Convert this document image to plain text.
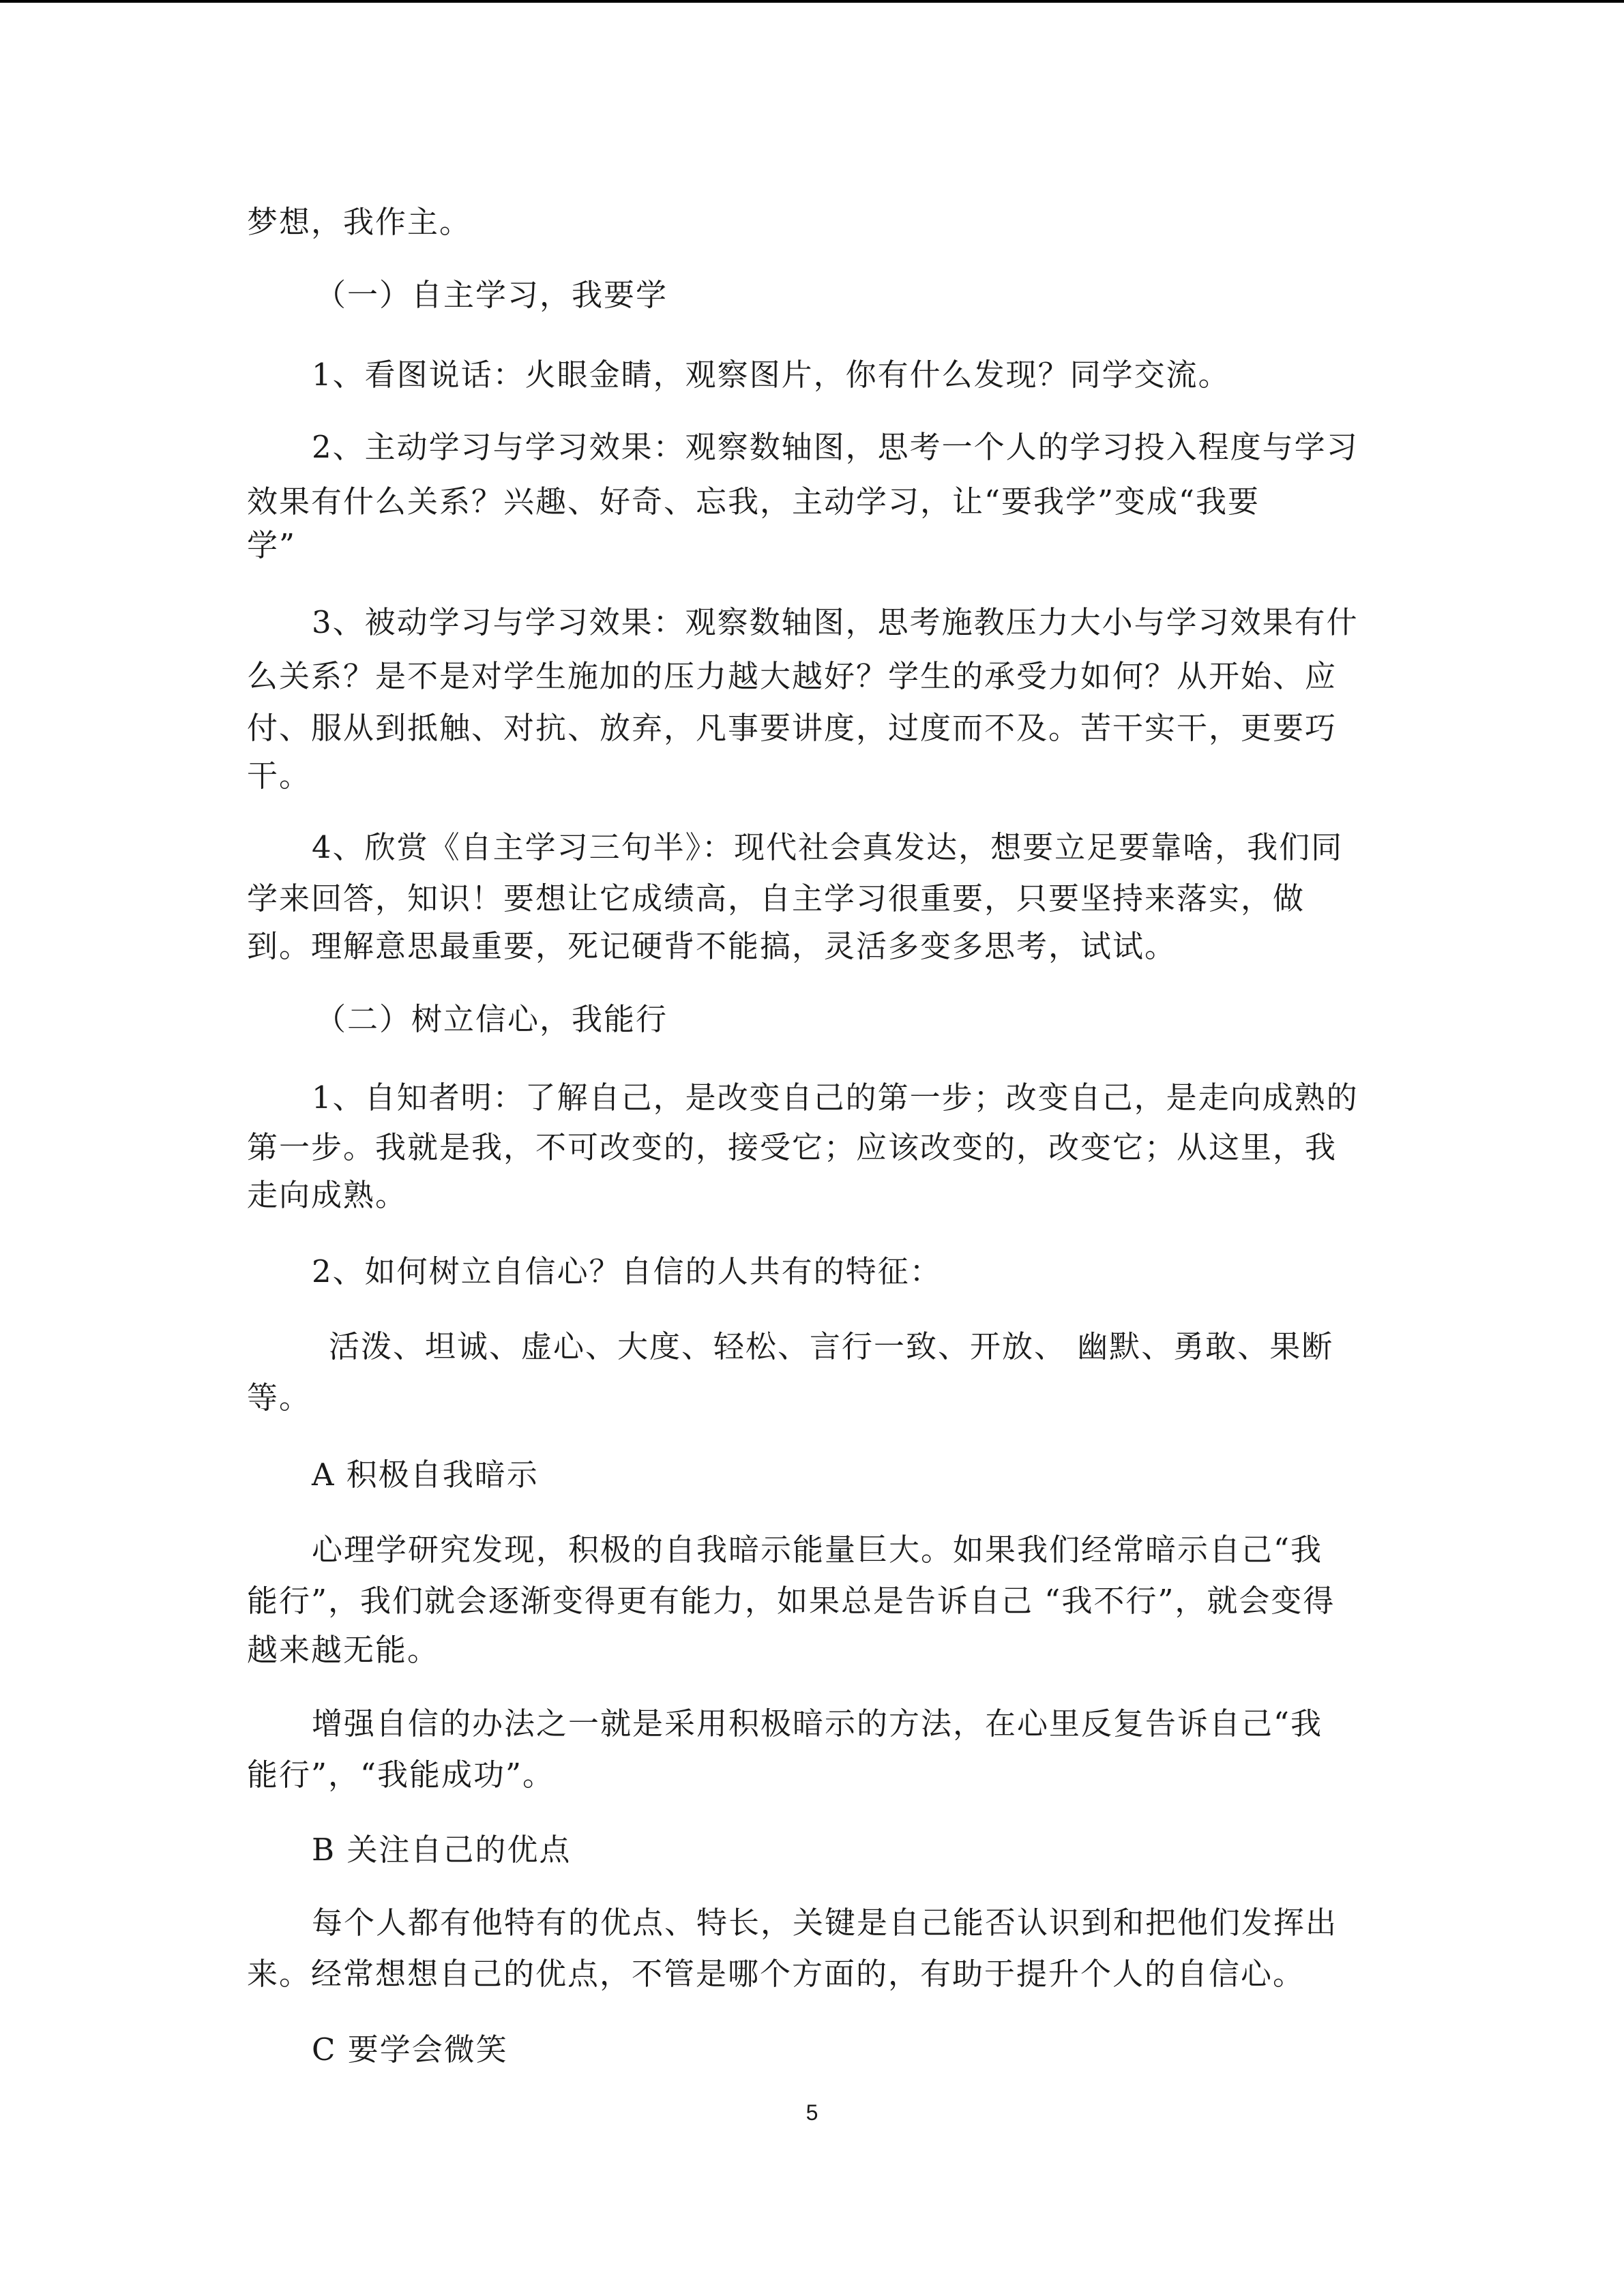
梦想，我作主。
（一）自主学习，我要学
1、看图说话：火眼金睛，观察图片，你有什么发现？同学交流。
2、主动学习与学习效果：观察数轴图，思考一个人的学习投入程度与学习
效果有什么关系？兴趣、好奇、忘我，主动学习，让“要我学”变成“我要
学”
3、被动学习与学习效果：观察数轴图，思考施教压力大小与学习效果有什
么关系？是不是对学生施加的压力越大越好？学生的承受力如何？从开始、应
付、服从到抵触、对抗、放弃，凡事要讲度，过度而不及。苦干实干，更要巧
干。
4、欣赏《自主学习三句半》：现代社会真发达，想要立足要靠啥，我们同
学来回答，知识！要想让它成绩高，自主学习很重要，只要坚持来落实，做
到。理解意思最重要，死记硬背不能搞，灵活多变多思考，试试。
（二）树立信心，我能行
1、自知者明：了解自己，是改变自己的第一步；改变自己，是走向成熟的
第一步。我就是我，不可改变的，接受它；应该改变的，改变它；从这里，我
走向成熟。
2、如何树立自信心？自信的人共有的特征：
活泼、坦诚、虚心、大度、轻松、言行一致、开放、 幽默、勇敢、果断
等。
A 积极自我暗示
心理学研究发现，积极的自我暗示能量巨大。如果我们经常暗示自己“我
能行”，我们就会逐渐变得更有能力，如果总是告诉自己 “我不行”，就会变得
越来越无能。
增强自信的办法之一就是采用积极暗示的方法，在心里反复告诉自己“我
能行”，“我能成功”。
B 关注自己的优点
每个人都有他特有的优点、特长，关键是自己能否认识到和把他们发挥出
来。经常想想自己的优点，不管是哪个方面的，有助于提升个人的自信心。
C 要学会微笑
5
